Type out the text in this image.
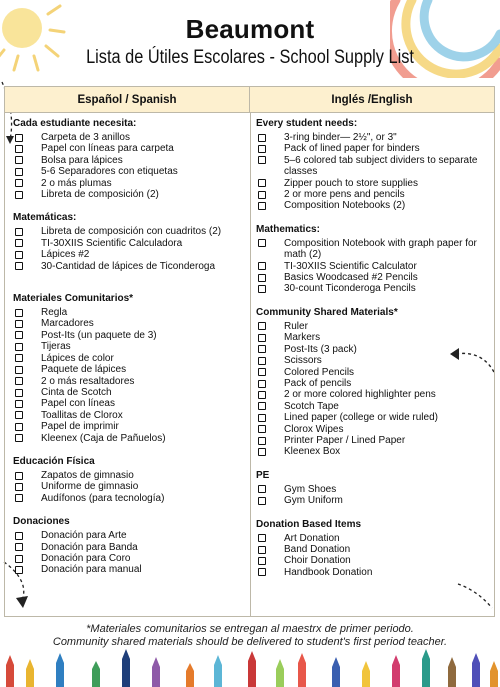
Beaumont
Lista de Útiles Escolares - School Supply List
Español / Spanish	Inglés /English
Cada estudiante necesita:
Carpeta de 3 anillos
Papel con líneas para carpeta
Bolsa para lápices
5-6 Separadores con etiquetas
2 o más plumas
Libreta de composición (2)
Matemáticas:
Libreta de composición con cuadritos (2)
TI-30XIIS Scientific Calculadora
Lápices #2
30-Cantidad de lápices de Ticonderoga
Materiales Comunitarios*
Regla
Marcadores
Post-Its (un paquete de 3)
Tijeras
Lápices de color
Paquete de lápices
2 o más resaltadores
Cinta de Scotch
Papel con líneas
Toallitas de Clorox
Papel de imprimir
Kleenex (Caja de Pañuelos)
Educación Física
Zapatos de gimnasio
Uniforme de gimnasio
Audífonos (para tecnología)
Donaciones
Donación para Arte
Donación para Banda
Donación para Coro
Donación para manual
Every student needs:
3-ring binder— 2½", or 3"
Pack of lined paper for binders
5–6 colored tab subject dividers to separate classes
Zipper pouch to store supplies
2 or more pens and pencils
Composition Notebooks (2)
Mathematics:
Composition Notebook with graph paper for math (2)
TI-30XIIS Scientific Calculator
Basics Woodcased #2 Pencils
30-count Ticonderoga Pencils
Community Shared Materials*
Ruler
Markers
Post-Its (3 pack)
Scissors
Colored Pencils
Pack of pencils
2 or more colored highlighter pens
Scotch Tape
Lined paper (college or wide ruled)
Clorox Wipes
Printer Paper / Lined Paper
Kleenex Box
PE
Gym Shoes
Gym Uniform
Donation Based Items
Art Donation
Band Donation
Choir Donation
Handbook Donation
*Materiales comunitarios se entregan al maestrx de primer periodo.
Community shared materials should be delivered to student's first period teacher.
